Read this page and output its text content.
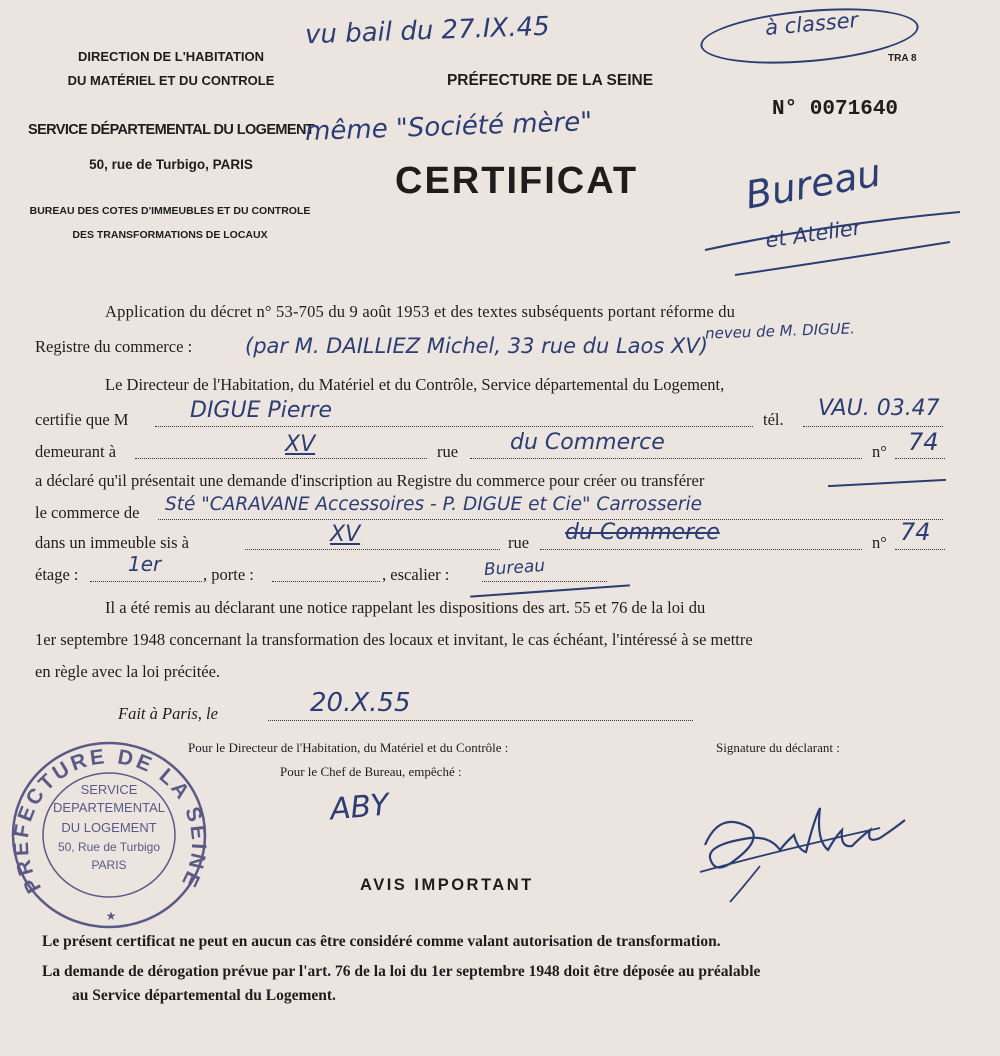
DIRECTION DE L'HABITATION
DU MATÉRIEL ET DU CONTROLE
SERVICE DÉPARTEMENTAL DU LOGEMENT
50, rue de Turbigo, PARIS
BUREAU DES COTES D'IMMEUBLES ET DU CONTROLE
DES TRANSFORMATIONS DE LOCAUX
PRÉFECTURE DE LA SEINE
CERTIFICAT
TRA 8
N° 0071640
vu bail du 27.IX.45	à classer
même "Société mère"
Bureau
et Atelier
Application du décret n° 53-705 du 9 août 1953 et des textes subséquents portant réforme du
neveu de M. DIGUE.
Registre du commerce :	(par M. DAILLIEZ Michel, 33 rue du Laos XV)
Le Directeur de l'Habitation, du Matériel et du Contrôle, Service départemental du Logement,
certifie que M	DIGUE Pierre	tél. VAU. 03.47
demeurant à	XV	rue du Commerce	n° 74
a déclaré qu'il présentait une demande d'inscription au Registre du commerce pour créer ou transférer
le commerce de Sté "CARAVANE Accessoires - P. DIGUE et Cie" Carrosserie
dans un immeuble sis à	XV	rue du Commerce	n° 74
étage : 1er	, porte :	, escalier : Bureau
Il a été remis au déclarant une notice rappelant les dispositions des art. 55 et 76 de la loi du
1er septembre 1948 concernant la transformation des locaux et invitant, le cas échéant, l'intéressé à se mettre
en règle avec la loi précitée.
Fait à Paris, le	20.X.55
Pour le Directeur de l'Habitation, du Matériel et du Contrôle :
Pour le Chef de Bureau, empêché :
Signature du déclarant :
ABY
PREFECTURE DE LA SEINE
★
SERVICE
DEPARTEMENTAL
DU LOGEMENT
50, Rue de Turbigo
PARIS
AVIS IMPORTANT
Le présent certificat ne peut en aucun cas être considéré comme valant autorisation de transformation.
La demande de dérogation prévue par l'art. 76 de la loi du 1er septembre 1948 doit être déposée au préalable
au Service départemental du Logement.
